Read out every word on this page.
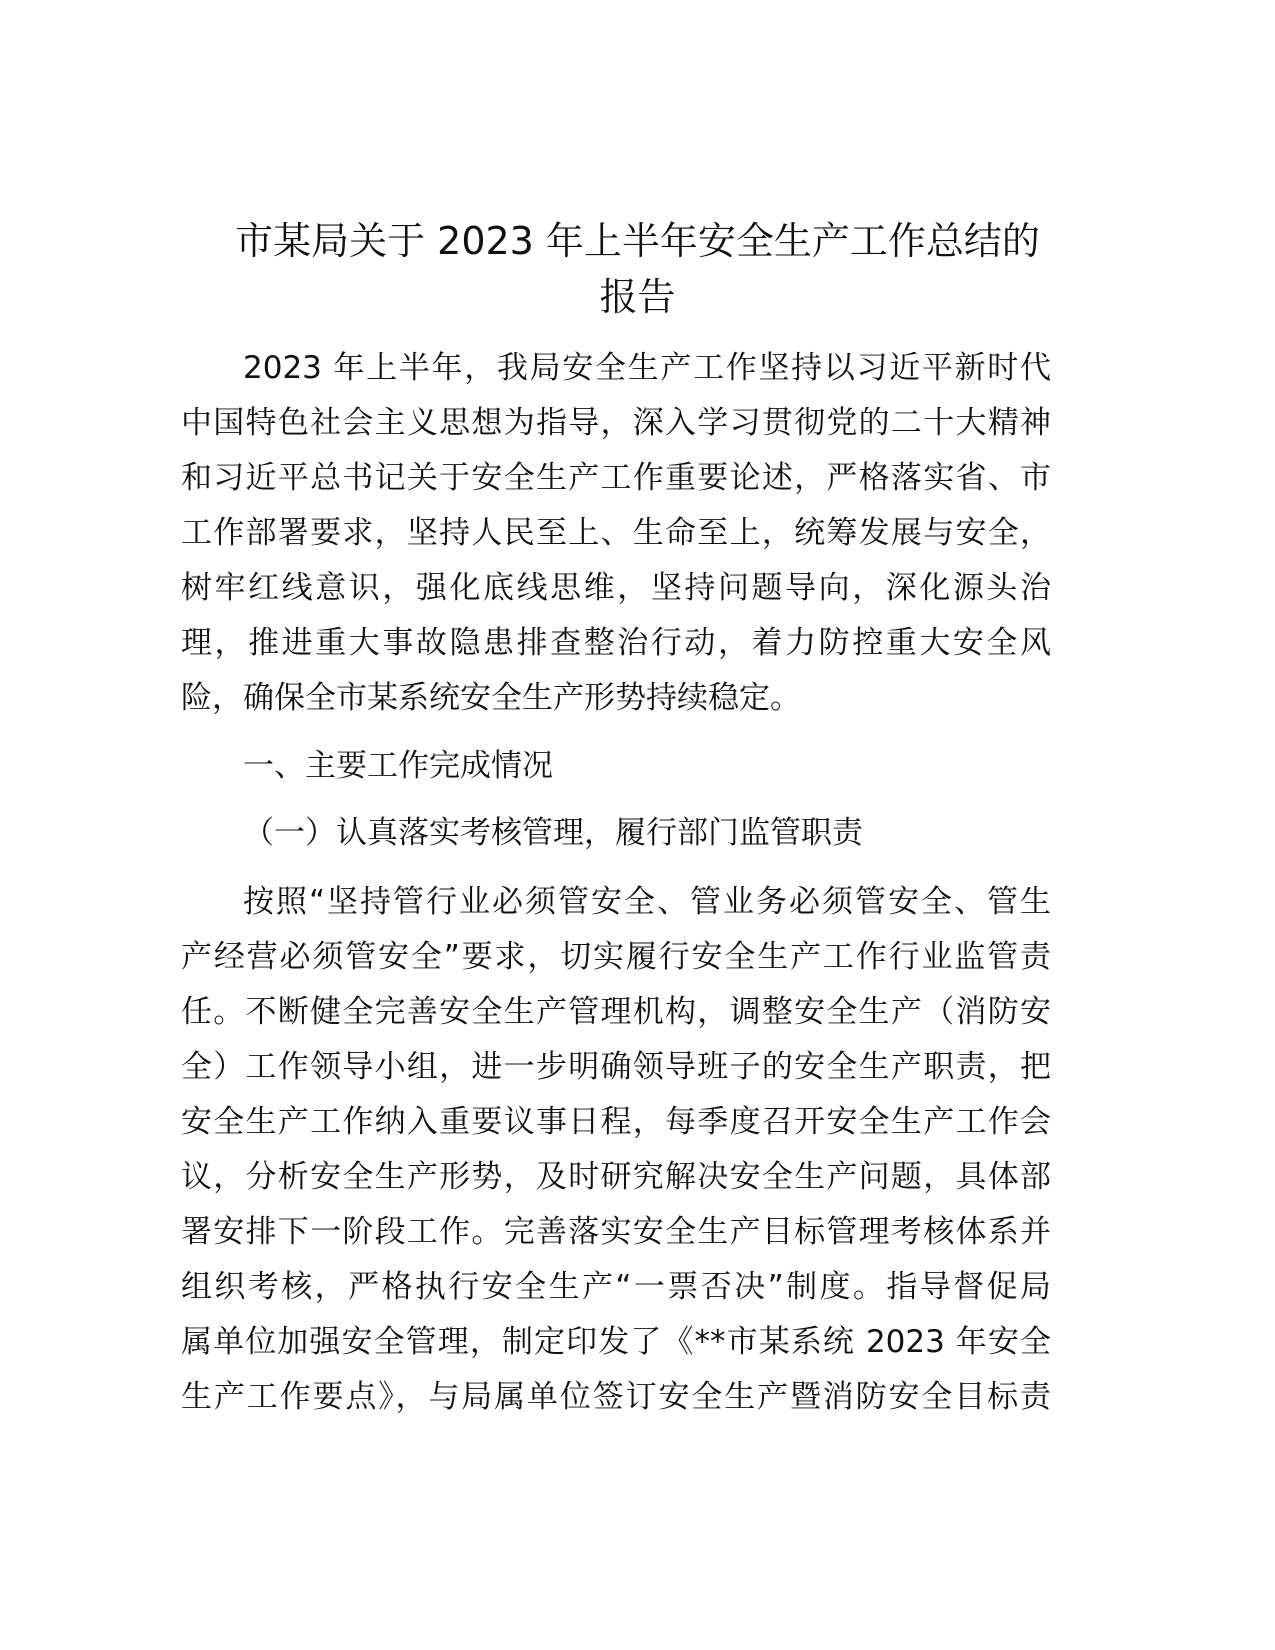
市某局关于 2023 年上半年安全生产工作总结的
报告
2023 年上半年，我局安全生产工作坚持以习近平新时代
中国特色社会主义思想为指导，深入学习贯彻党的二十大精神
和习近平总书记关于安全生产工作重要论述，严格落实省、市
工作部署要求，坚持人民至上、生命至上，统筹发展与安全，
树牢红线意识，强化底线思维，坚持问题导向，深化源头治
理，推进重大事故隐患排查整治行动，着力防控重大安全风
险，确保全市某系统安全生产形势持续稳定。
一、主要工作完成情况
（一）认真落实考核管理，履行部门监管职责
按照“坚持管行业必须管安全、管业务必须管安全、管生
产经营必须管安全”要求，切实履行安全生产工作行业监管责
任。不断健全完善安全生产管理机构，调整安全生产（消防安
全）工作领导小组，进一步明确领导班子的安全生产职责，把
安全生产工作纳入重要议事日程，每季度召开安全生产工作会
议，分析安全生产形势，及时研究解决安全生产问题，具体部
署安排下一阶段工作。完善落实安全生产目标管理考核体系并
组织考核，严格执行安全生产“一票否决”制度。指导督促局
属单位加强安全管理，制定印发了《**市某系统 2023 年安全
生产工作要点》，与局属单位签订安全生产暨消防安全目标责
